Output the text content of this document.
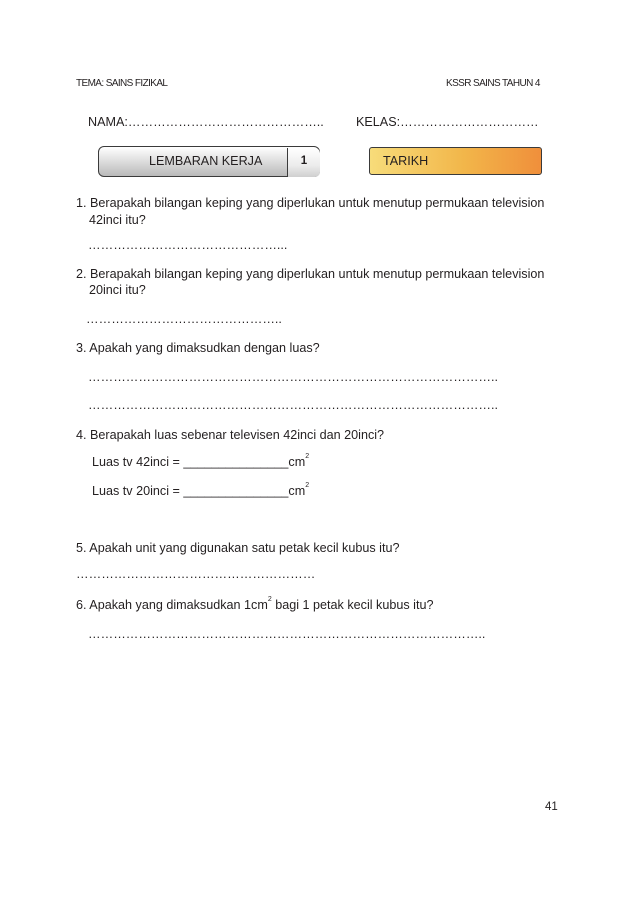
TEMA: SAINS FIZIKAL	KSSR SAINS TAHUN 4
NAMA:………………………………………..	KELAS:……………………………
LEMBARAN KERJA	1	TARIKH
1. Berapakah bilangan keping yang diperlukan untuk menutup permukaan television
42inci itu?
………………………………………...
2. Berapakah bilangan keping yang diperlukan untuk menutup permukaan television
20inci itu?
………………………………………..
3. Apakah yang dimaksudkan dengan luas?
……………………………………………………………………………………..
……………………………………………………………………………………..
4. Berapakah luas sebenar televisen 42inci dan 20inci?
Luas tv 42inci = $\_\_\_\_\_\_\_\_\_\_\_\_\_\_\_cm^2$
Luas tv 20inci = $\_\_\_\_\_\_\_\_\_\_\_\_\_\_\_cm^2$
5. Apakah unit yang digunakan satu petak kecil kubus itu?
…………………………………………………
6. Apakah yang dimaksudkan $1cm^2$ bagi 1 petak kecil kubus itu?
…………………………………………………………………………………..
41
